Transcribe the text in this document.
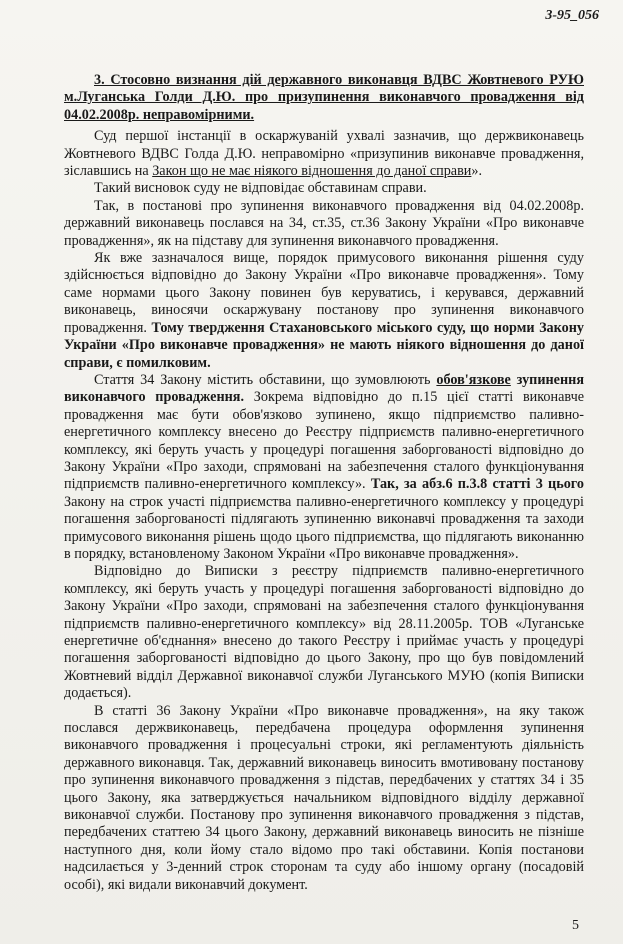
3-95_056
3. Стосовно визнання дій державного виконавця ВДВС Жовтневого РУЮ м.Луганська Голди Д.Ю. про призупинення виконавчого провадження від 04.02.2008р. неправомірними.

Суд першої інстанції в оскаржуваній ухвалі зазначив, що держвиконавець Жовтневого ВДВС Голда Д.Ю. неправомірно «призупинив виконавче провадження, зіславшись на Закон що не має ніякого відношення до даної справи».

Такий висновок суду не відповідає обставинам справи.

Так, в постанові про зупинення виконавчого провадження від 04.02.2008р. державний виконавець послався на 34, ст.35, ст.36 Закону України «Про виконавче провадження», як на підставу для зупинення виконавчого провадження.

Як вже зазначалося вище, порядок примусового виконання рішення суду здійснюється відповідно до Закону України «Про виконавче провадження». Тому саме нормами цього Закону повинен був керуватись, і керувався, державний виконавець, виносячи оскаржувану постанову про зупинення виконавчого провадження. Тому твердження Стахановського міського суду, що норми Закону України «Про виконавче провадження» не мають ніякого відношення до даної справи, є помилковим.

Стаття 34 Закону містить обставини, що зумовлюють обов'язкове зупинення виконавчого провадження. Зокрема відповідно до п.15 цієї статті виконавче провадження має бути обов'язково зупинено, якщо підприємство паливно-енергетичного комплексу внесено до Реєстру підприємств паливно-енергетичного комплексу, які беруть участь у процедурі погашення заборгованості відповідно до Закону України «Про заходи, спрямовані на забезпечення сталого функціонування підприємств паливно-енергетичного комплексу». Так, за абз.6 п.3.8 статті 3 цього Закону на строк участі підприємства паливно-енергетичного комплексу у процедурі погашення заборгованості підлягають зупиненню виконавчі провадження та заходи примусового виконання рішень щодо цього підприємства, що підлягають виконанню в порядку, встановленому Законом України «Про виконавче провадження».

Відповідно до Виписки з реєстру підприємств паливно-енергетичного комплексу, які беруть участь у процедурі погашення заборгованості відповідно до Закону України «Про заходи, спрямовані на забезпечення сталого функціонування підприємств паливно-енергетичного комплексу» від 28.11.2005р. ТОВ «Луганське енергетичне об'єднання» внесено до такого Реєстру і приймає участь у процедурі погашення заборгованості відповідно до цього Закону, про що був повідомлений Жовтневий відділ Державної виконавчої служби Луганського МУЮ (копія Виписки додається).

В статті 36 Закону України «Про виконавче провадження», на яку також послався держвиконавець, передбачена процедура оформлення зупинення виконавчого провадження і процесуальні строки, які регламентують діяльність державного виконавця. Так, державний виконавець виносить вмотивовану постанову про зупинення виконавчого провадження з підстав, передбачених у статтях 34 і 35 цього Закону, яка затверджується начальником відповідного відділу державної виконавчої служби. Постанову про зупинення виконавчого провадження з підстав, передбачених статтею 34 цього Закону, державний виконавець виносить не пізніше наступного дня, коли йому стало відомо про такі обставини. Копія постанови надсилається у 3-денний строк сторонам та суду або іншому органу (посадовій особі), які видали виконавчий документ.

5
